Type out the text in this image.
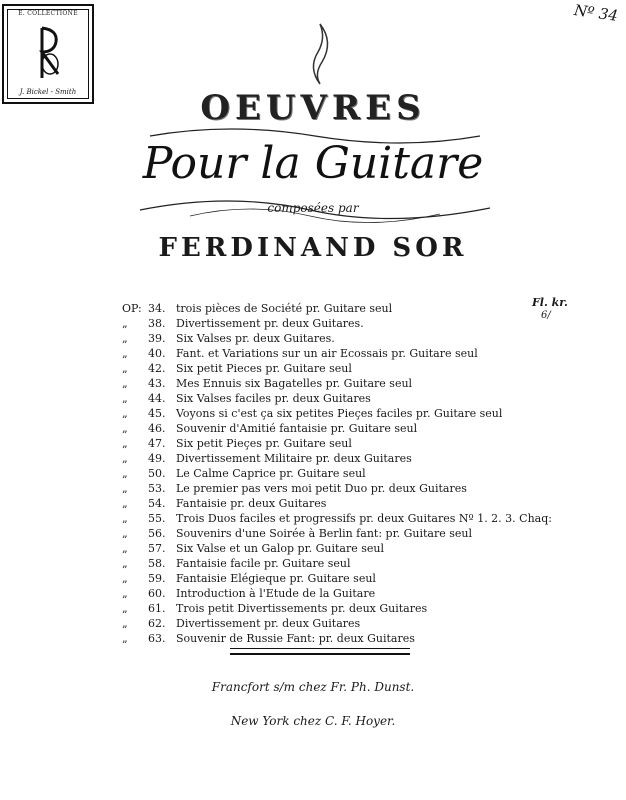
E. COLLECTIONE
J. Bickel - Smith
Nº 34
OEUVRES
Pour la Guitare
composées par
FERDINAND SOR
Fl. kr.
6/
OP: 34. trois pièces de Société pr. Guitare seul
„	38. Divertissement pr. deux Guitares.
„	39. Six Valses pr. deux Guitares.
„	40. Fant. et Variations sur un air Ecossais pr. Guitare seul
„	42. Six petit Pieces pr. Guitare seul
„	43. Mes Ennuis six Bagatelles pr. Guitare seul
„	44. Six Valses faciles pr. deux Guitares
„	45. Voyons si c'est ça six petites Pieçes faciles pr. Guitare seul
„	46. Souvenir d'Amitié fantaisie pr. Guitare seul
„	47. Six petit Pieçes pr. Guitare seul
„	49. Divertissement Militaire pr. deux Guitares
„	50. Le Calme Caprice pr. Guitare seul
„	53. Le premier pas vers moi petit Duo pr. deux Guitares
„	54. Fantaisie pr. deux Guitares
„	55. Trois Duos faciles et progressifs pr. deux Guitares Nº 1. 2. 3. Chaq:
„	56. Souvenirs d'une Soirée à Berlin fant: pr. Guitare seul
„	57. Six Valse et un Galop pr. Guitare seul
„	58. Fantaisie facile pr. Guitare seul
„	59. Fantaisie Elégieque pr. Guitare seul
„	60. Introduction à l'Etude de la Guitare
„	61. Trois petit Divertissements pr. deux Guitares
„	62. Divertissement pr. deux Guitares
„	63. Souvenir de Russie Fant: pr. deux Guitares
Francfort s/m chez Fr. Ph. Dunst.
New York chez C. F. Hoyer.
